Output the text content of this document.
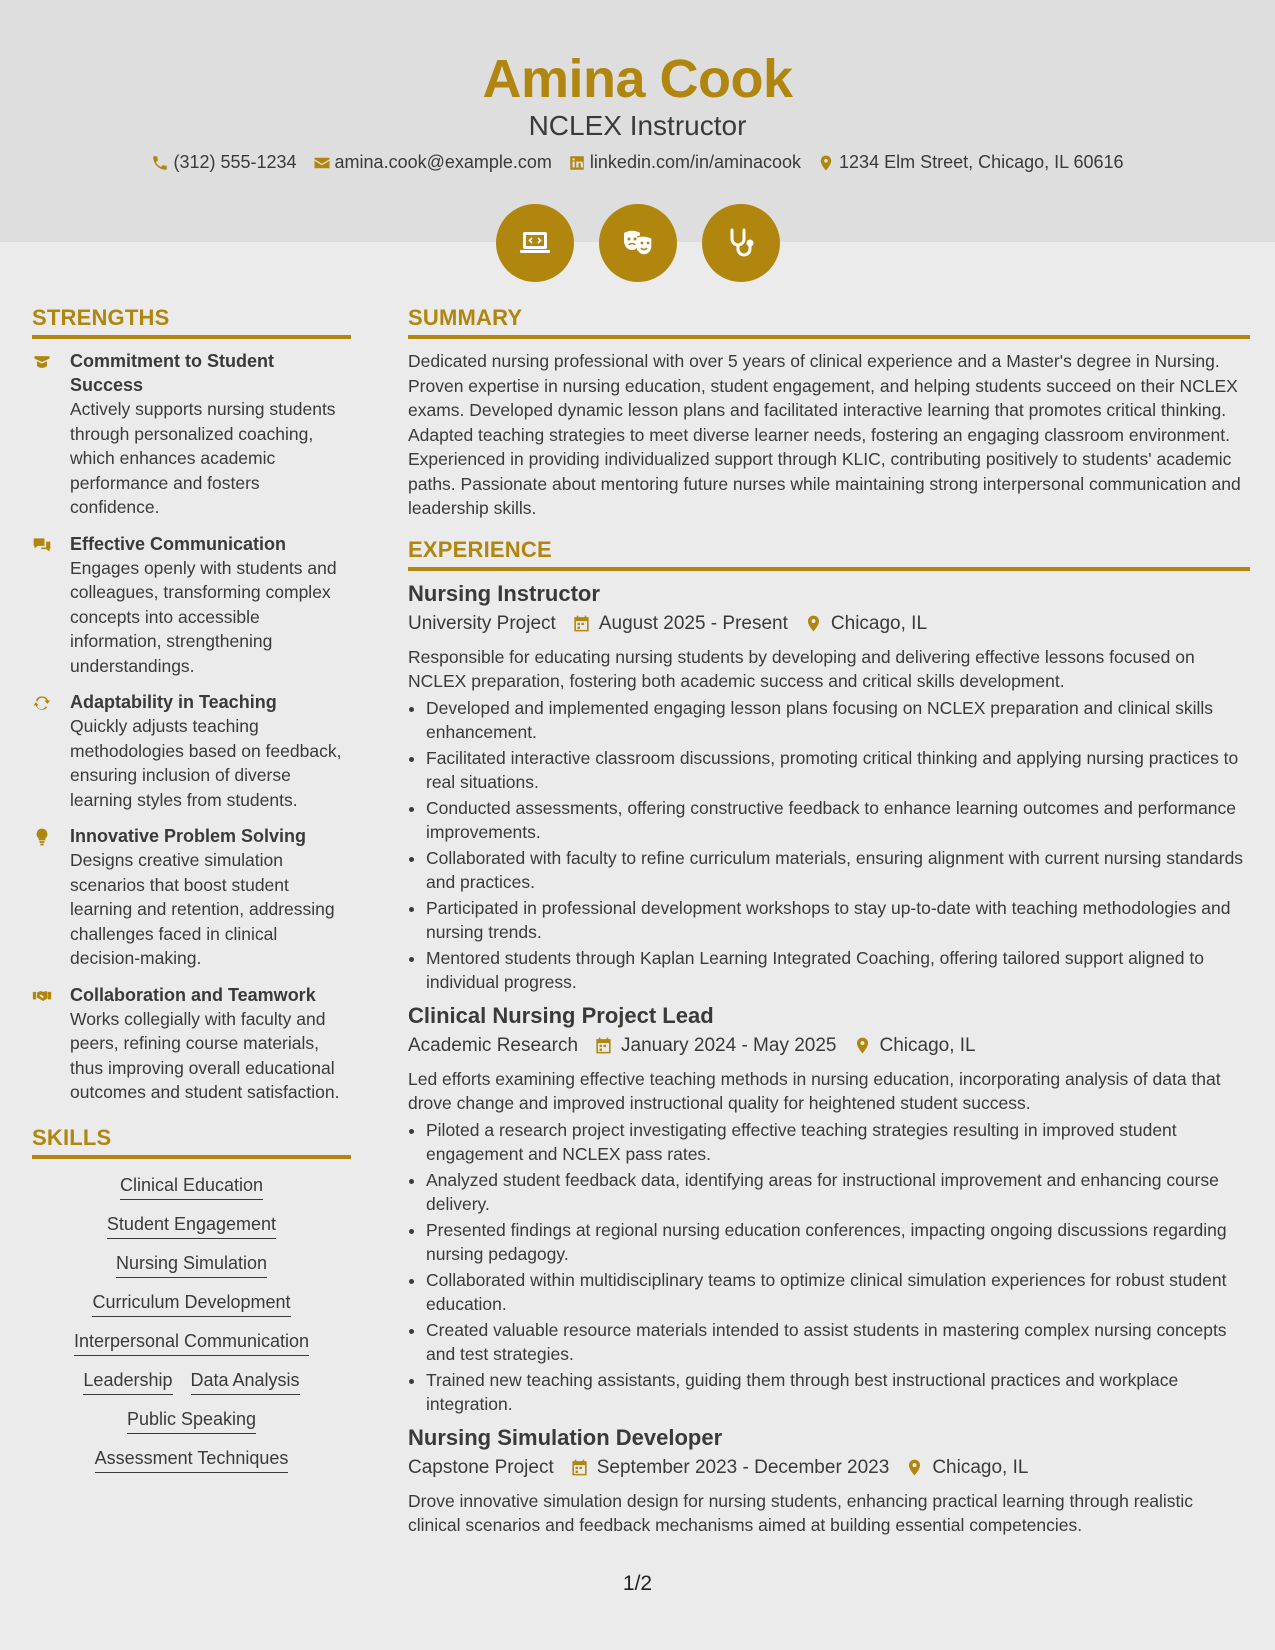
Amina Cook
NCLEX Instructor
(312) 555-1234 amina.cook@example.com linkedin.com/in/aminacook 1234 Elm Street, Chicago, IL 60616
STRENGTHS
Commitment to Student Success
Actively supports nursing students through personalized coaching, which enhances academic performance and fosters confidence.
Effective Communication
Engages openly with students and colleagues, transforming complex concepts into accessible information, strengthening understandings.
Adaptability in Teaching
Quickly adjusts teaching methodologies based on feedback, ensuring inclusion of diverse learning styles from students.
Innovative Problem Solving
Designs creative simulation scenarios that boost student learning and retention, addressing challenges faced in clinical decision-making.
Collaboration and Teamwork
Works collegially with faculty and peers, refining course materials, thus improving overall educational outcomes and student satisfaction.
SKILLS
Clinical Education
Student Engagement
Nursing Simulation
Curriculum Development
Interpersonal Communication
Leadership Data Analysis
Public Speaking
Assessment Techniques
SUMMARY
Dedicated nursing professional with over 5 years of clinical experience and a Master's degree in Nursing. Proven expertise in nursing education, student engagement, and helping students succeed on their NCLEX exams. Developed dynamic lesson plans and facilitated interactive learning that promotes critical thinking. Adapted teaching strategies to meet diverse learner needs, fostering an engaging classroom environment. Experienced in providing individualized support through KLIC, contributing positively to students' academic paths. Passionate about mentoring future nurses while maintaining strong interpersonal communication and leadership skills.
EXPERIENCE
Nursing Instructor
University Project August 2025 - Present Chicago, IL
Responsible for educating nursing students by developing and delivering effective lessons focused on NCLEX preparation, fostering both academic success and critical skills development.
• Developed and implemented engaging lesson plans focusing on NCLEX preparation and clinical skills enhancement.
• Facilitated interactive classroom discussions, promoting critical thinking and applying nursing practices to real situations.
• Conducted assessments, offering constructive feedback to enhance learning outcomes and performance improvements.
• Collaborated with faculty to refine curriculum materials, ensuring alignment with current nursing standards and practices.
• Participated in professional development workshops to stay up-to-date with teaching methodologies and nursing trends.
• Mentored students through Kaplan Learning Integrated Coaching, offering tailored support aligned to individual progress.
Clinical Nursing Project Lead
Academic Research January 2024 - May 2025 Chicago, IL
Led efforts examining effective teaching methods in nursing education, incorporating analysis of data that drove change and improved instructional quality for heightened student success.
• Piloted a research project investigating effective teaching strategies resulting in improved student engagement and NCLEX pass rates.
• Analyzed student feedback data, identifying areas for instructional improvement and enhancing course delivery.
• Presented findings at regional nursing education conferences, impacting ongoing discussions regarding nursing pedagogy.
• Collaborated within multidisciplinary teams to optimize clinical simulation experiences for robust student education.
• Created valuable resource materials intended to assist students in mastering complex nursing concepts and test strategies.
• Trained new teaching assistants, guiding them through best instructional practices and workplace integration.
Nursing Simulation Developer
Capstone Project September 2023 - December 2023 Chicago, IL
Drove innovative simulation design for nursing students, enhancing practical learning through realistic clinical scenarios and feedback mechanisms aimed at building essential competencies.
1/2
